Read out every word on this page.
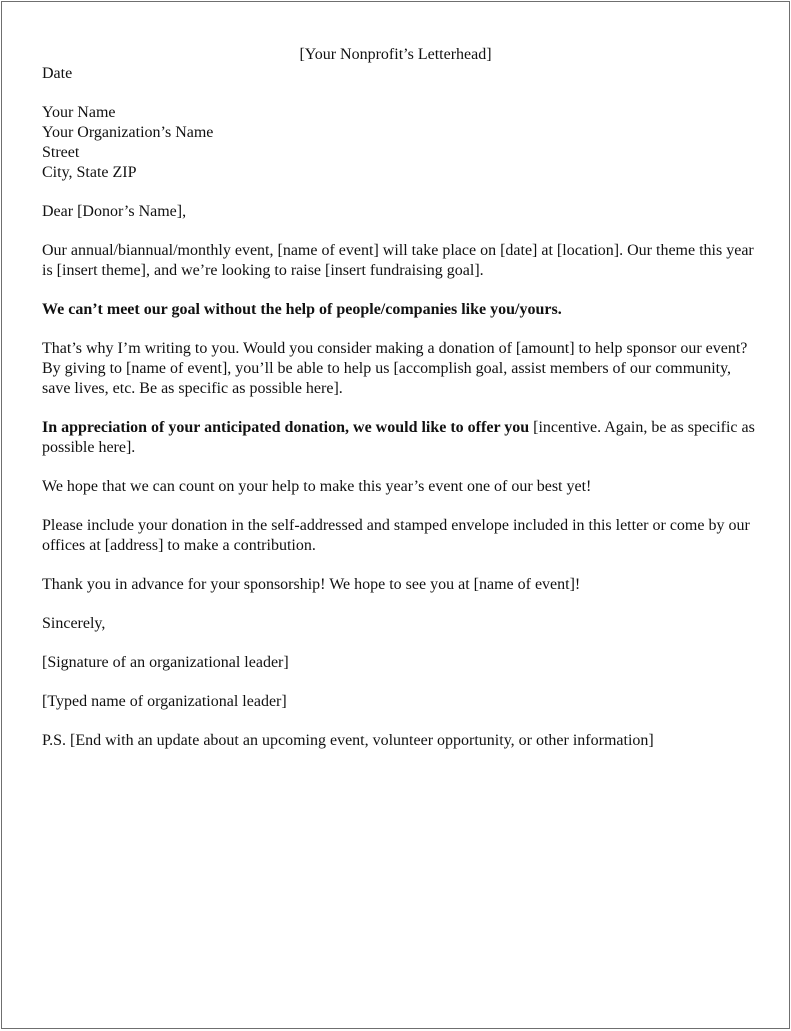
[Your Nonprofit’s Letterhead]

Date

Your Name
Your Organization’s Name
Street
City, State ZIP

Dear [Donor’s Name],

Our annual/biannual/monthly event, [name of event] will take place on [date] at [location]. Our theme this year is [insert theme], and we’re looking to raise [insert fundraising goal].

We can’t meet our goal without the help of people/companies like you/yours.

That’s why I’m writing to you. Would you consider making a donation of [amount] to help sponsor our event? By giving to [name of event], you’ll be able to help us [accomplish goal, assist members of our community, save lives, etc. Be as specific as possible here].

In appreciation of your anticipated donation, we would like to offer you [incentive. Again, be as specific as possible here].

We hope that we can count on your help to make this year’s event one of our best yet!

Please include your donation in the self-addressed and stamped envelope included in this letter or come by our offices at [address] to make a contribution.

Thank you in advance for your sponsorship! We hope to see you at [name of event]!

Sincerely,

[Signature of an organizational leader]

[Typed name of organizational leader]

P.S. [End with an update about an upcoming event, volunteer opportunity, or other information]
